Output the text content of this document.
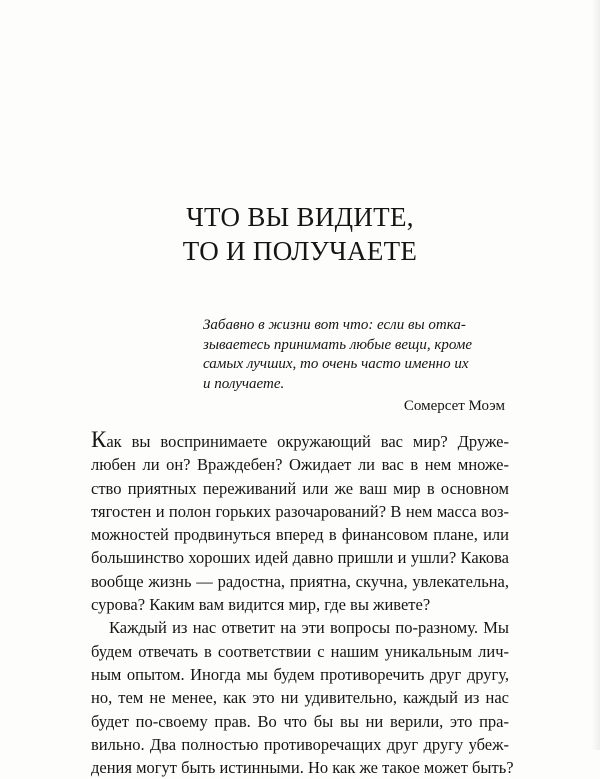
ЧТО ВЫ ВИДИТЕ,
ТО И ПОЛУЧАЕТЕ
Забавно в жизни вот что: если вы отка-
зываетесь принимать любые вещи, кроме
самых лучших, то очень часто именно их
и получаете.
Сомерсет Моэм
Как вы воспринимаете окружающий вас мир? Друже-
любен ли он? Враждебен? Ожидает ли вас в нем множе-
ство приятных переживаний или же ваш мир в основном
тягостен и полон горьких разочарований? В нем масса воз-
можностей продвинуться вперед в финансовом плане, или
большинство хороших идей давно пришли и ушли? Какова
вообще жизнь — радостна, приятна, скучна, увлекательна,
сурова? Каким вам видится мир, где вы живете?
Каждый из нас ответит на эти вопросы по-разному. Мы
будем отвечать в соответствии с нашим уникальным лич-
ным опытом. Иногда мы будем противоречить друг другу,
но, тем не менее, как это ни удивительно, каждый из нас
будет по-своему прав. Во что бы вы ни верили, это пра-
вильно. Два полностью противоречащих друг другу убеж-
дения могут быть истинными. Но как же такое может быть?
